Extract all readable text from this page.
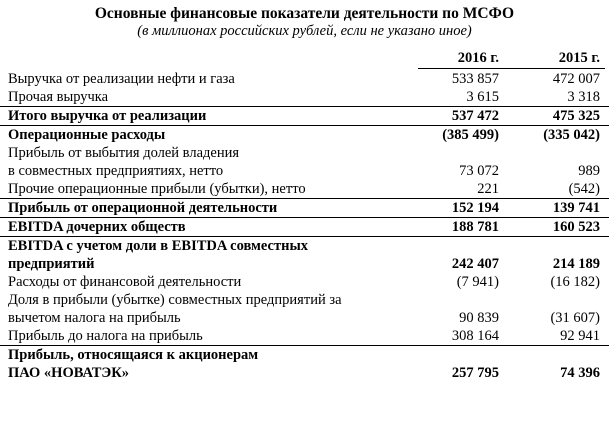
Основные финансовые показатели деятельности по МСФО
(в миллионах российских рублей, если не указано иное)
2016 г.	2015 г.
Выручка от реализации нефти и газа	533 857	472 007
Прочая выручка	3 615	3 318
Итого выручка от реализации	537 472	475 325
Операционные расходы	(385 499)	(335 042)
Прибыль от выбытия долей владения
в совместных предприятиях, нетто	73 072	989
Прочие операционные прибыли (убытки), нетто	221	(542)
Прибыль от операционной деятельности	152 194	139 741
EBITDA дочерних обществ	188 781	160 523
EBITDA с учетом доли в EBITDA совместных
предприятий	242 407	214 189
Расходы от финансовой деятельности	(7 941)	(16 182)
Доля в прибыли (убытке) совместных предприятий за
вычетом налога на прибыль	90 839	(31 607)
Прибыль до налога на прибыль	308 164	92 941
Прибыль, относящаяся к акционерам
ПАО «НОВАТЭК»	257 795	74 396
